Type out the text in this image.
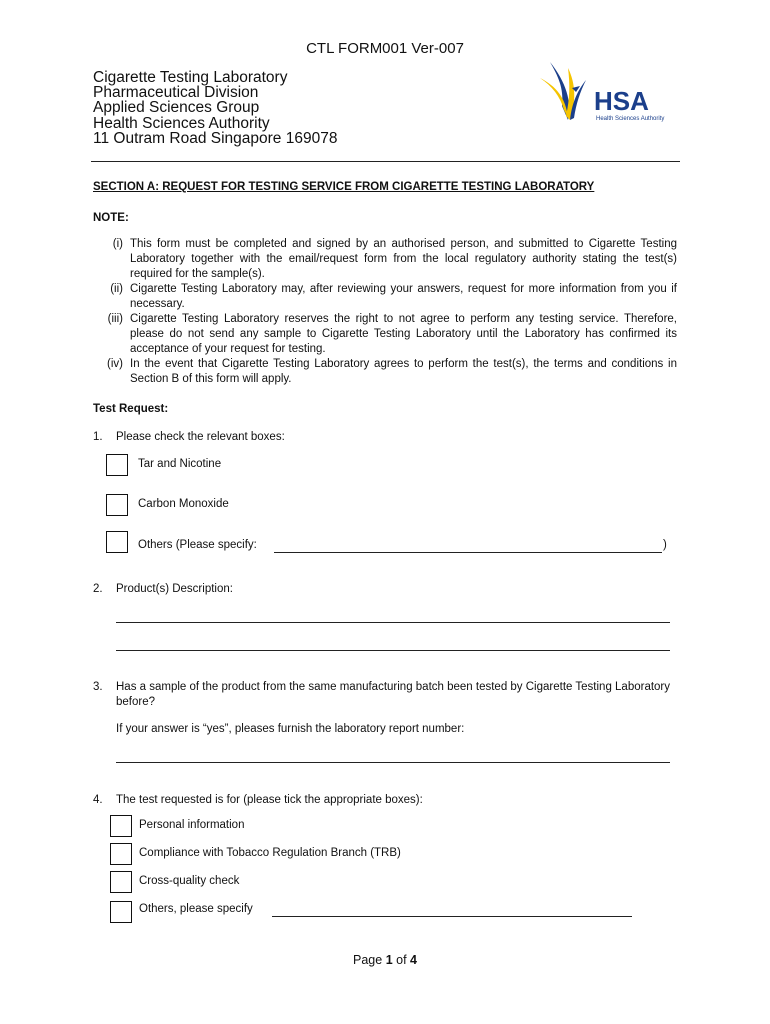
CTL FORM001 Ver-007
Cigarette Testing Laboratory
Pharmaceutical Division
Applied Sciences Group
Health Sciences Authority
11 Outram Road Singapore 169078
HSA
Health Sciences Authority
SECTION A: REQUEST FOR TESTING SERVICE FROM CIGARETTE TESTING LABORATORY
NOTE:
(i) This form must be completed and signed by an authorised person, and submitted to Cigarette Testing Laboratory together with the email/request form from the local regulatory authority stating the test(s) required for the sample(s).
(ii) Cigarette Testing Laboratory may, after reviewing your answers, request for more information from you if necessary.
(iii) Cigarette Testing Laboratory reserves the right to not agree to perform any testing service. Therefore, please do not send any sample to Cigarette Testing Laboratory until the Laboratory has confirmed its acceptance of your request for testing.
(iv) In the event that Cigarette Testing Laboratory agrees to perform the test(s), the terms and conditions in Section B of this form will apply.
Test Request:
1. Please check the relevant boxes:
Tar and Nicotine
Carbon Monoxide
Others (Please specify:	)
2. Product(s) Description:
3. Has a sample of the product from the same manufacturing batch been tested by Cigarette Testing Laboratory before?
If your answer is “yes”, pleases furnish the laboratory report number:
4. The test requested is for (please tick the appropriate boxes):
Personal information
Compliance with Tobacco Regulation Branch (TRB)
Cross-quality check
Others, please specify
Page 1 of 4
